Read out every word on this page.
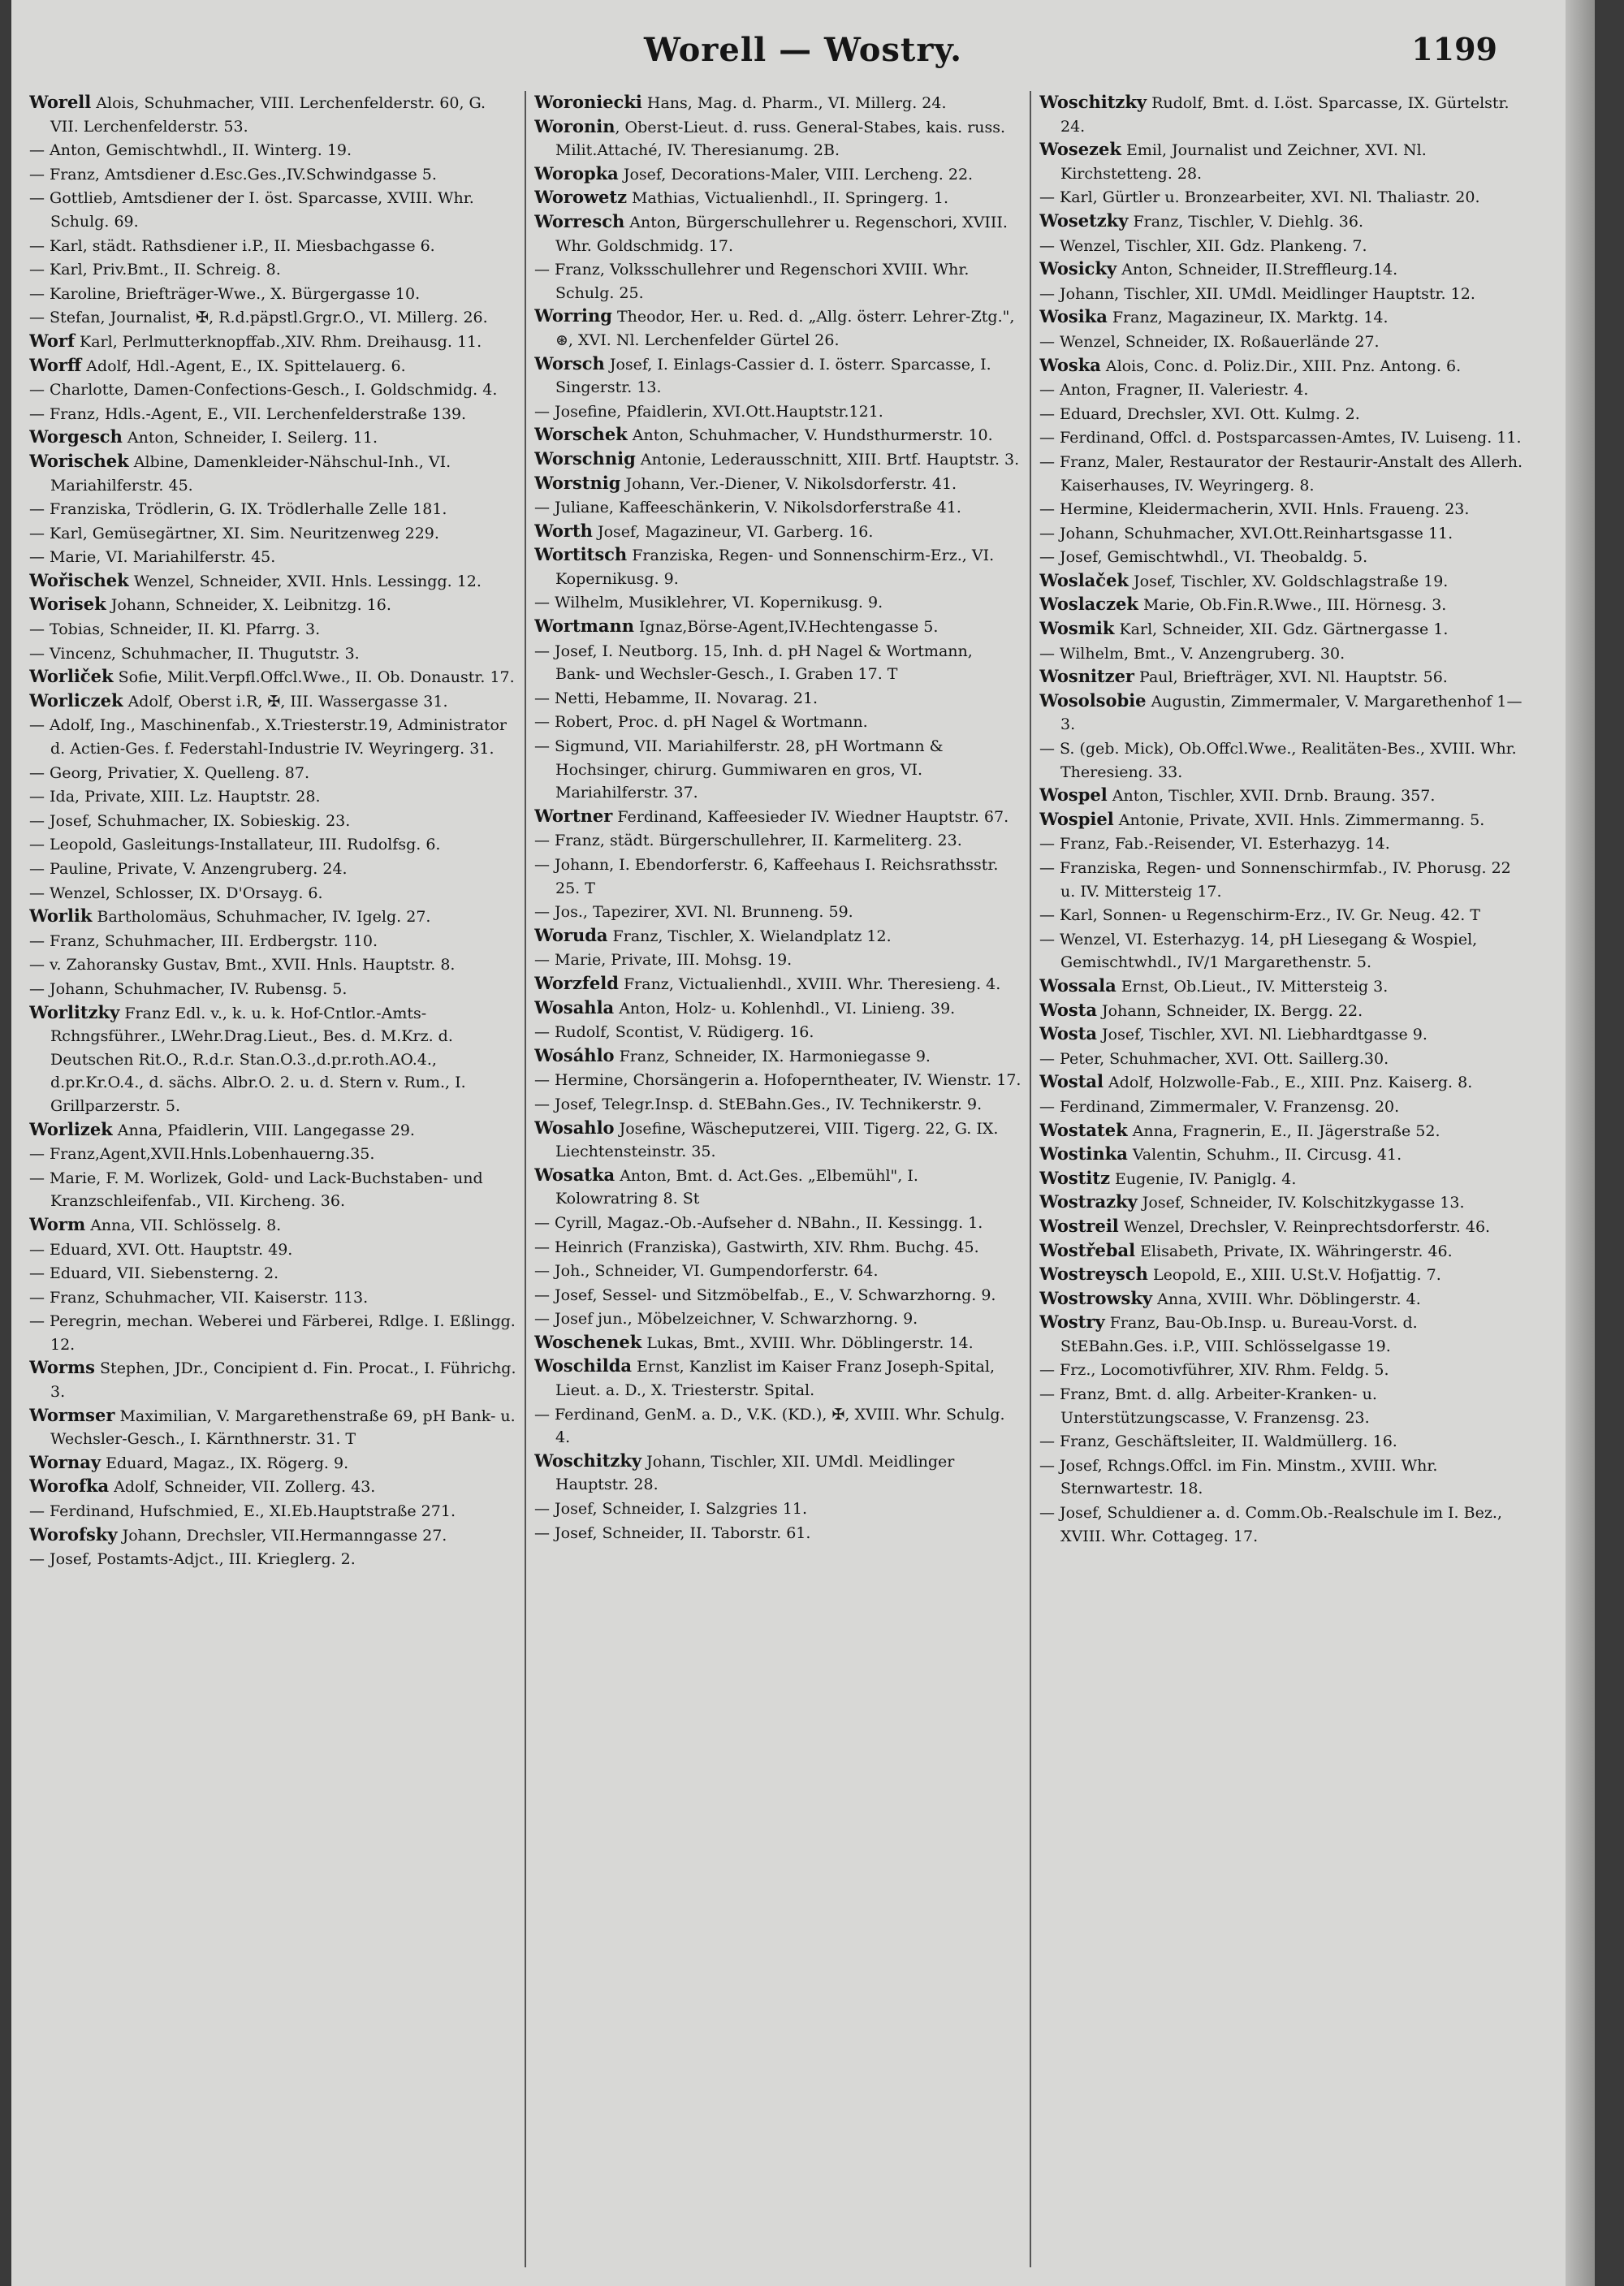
Worell — Wostry.	1199

Worell Alois, Schuhmacher, VIII. Lerchenfelderstr. 60, G. VII. Lerchenfelderstr. 53.

— Anton, Gemischtwhdl., II. Winterg. 19.

— Franz, Amtsdiener d.Esc.Ges.,IV.Schwindgasse 5.

— Gottlieb, Amtsdiener der I. öst. Sparcasse, XVIII. Whr. Schulg. 69.

— Karl, städt. Rathsdiener i.P., II. Miesbachgasse 6.

— Karl, Priv.Bmt., II. Schreig. 8.

— Karoline, Briefträger-Wwe., X. Bürgergasse 10.

— Stefan, Journalist, ✠, R.d.päpstl.Grgr.O., VI. Millerg. 26.

Worf Karl, Perlmutterknopffab.,XIV. Rhm. Dreihausg. 11.

Worff Adolf, Hdl.-Agent, E., IX. Spittelauerg. 6.

— Charlotte, Damen-Confections-Gesch., I. Goldschmidg. 4.

— Franz, Hdls.-Agent, E., VII. Lerchenfelderstraße 139.

Worgesch Anton, Schneider, I. Seilerg. 11.

Worischek Albine, Damenkleider-Nähschul-Inh., VI. Mariahilferstr. 45.

— Franziska, Trödlerin, G. IX. Trödlerhalle Zelle 181.

— Karl, Gemüsegärtner, XI. Sim. Neuritzenweg 229.

— Marie, VI. Mariahilferstr. 45.

Wořischek Wenzel, Schneider, XVII. Hnls. Lessingg. 12.

Worisek Johann, Schneider, X. Leibnitzg. 16.

— Tobias, Schneider, II. Kl. Pfarrg. 3.

— Vincenz, Schuhmacher, II. Thugutstr. 3.

Worliček Sofie, Milit.Verpfl.Offcl.Wwe., II. Ob. Donaustr. 17.

Worliczek Adolf, Oberst i.R, ✠, III. Wassergasse 31.

— Adolf, Ing., Maschinenfab., X.Triesterstr.19, Administrator d. Actien-Ges. f. Federstahl-Industrie IV. Weyringerg. 31.

— Georg, Privatier, X. Quelleng. 87.

— Ida, Private, XIII. Lz. Hauptstr. 28.

— Josef, Schuhmacher, IX. Sobieskig. 23.

— Leopold, Gasleitungs-Installateur, III. Rudolfsg. 6.

— Pauline, Private, V. Anzengruberg. 24.

— Wenzel, Schlosser, IX. D'Orsayg. 6.

Worlik Bartholomäus, Schuhmacher, IV. Igelg. 27.

— Franz, Schuhmacher, III. Erdbergstr. 110.

— v. Zahoransky Gustav, Bmt., XVII. Hnls. Hauptstr. 8.

— Johann, Schuhmacher, IV. Rubensg. 5.

Worlitzky Franz Edl. v., k. u. k. Hof-Cntlor.-Amts-Rchngsführer., LWehr.Drag.Lieut., Bes. d. M.Krz. d. Deutschen Rit.O., R.d.r. Stan.O.3.,d.pr.roth.AO.4., d.pr.Kr.O.4., d. sächs. Albr.O. 2. u. d. Stern v. Rum., I. Grillparzerstr. 5.

Worlizek Anna, Pfaidlerin, VIII. Langegasse 29.

— Franz,Agent,XVII.Hnls.Lobenhauerng.35.

— Marie, F. M. Worlizek, Gold- und Lack-Buchstaben- und Kranzschleifenfab., VII. Kircheng. 36.

Worm Anna, VII. Schlösselg. 8.

— Eduard, XVI. Ott. Hauptstr. 49.

— Eduard, VII. Siebensterng. 2.

— Franz, Schuhmacher, VII. Kaiserstr. 113.

— Peregrin, mechan. Weberei und Färberei, Rdlge. I. Eßlingg. 12.

Worms Stephen, JDr., Concipient d. Fin. Procat., I. Führichg. 3.

Wormser Maximilian, V. Margarethenstraße 69, pH Bank- u. Wechsler-Gesch., I. Kärnthnerstr. 31. T

Wornay Eduard, Magaz., IX. Rögerg. 9.

Worofka Adolf, Schneider, VII. Zollerg. 43.

— Ferdinand, Hufschmied, E., XI.Eb.Hauptstraße 271.

Worofsky Johann, Drechsler, VII.Hermanngasse 27.

— Josef, Postamts-Adjct., III. Krieglerg. 2.

Woroniecki Hans, Mag. d. Pharm., VI. Millerg. 24.

Woronin, Oberst-Lieut. d. russ. General-Stabes, kais. russ. Milit.Attaché, IV. Theresianumg. 2B.

Woropka Josef, Decorations-Maler, VIII. Lercheng. 22.

Worowetz Mathias, Victualienhdl., II. Springerg. 1.

Worresch Anton, Bürgerschullehrer u. Regenschori, XVIII. Whr. Goldschmidg. 17.

— Franz, Volksschullehrer und Regenschori XVIII. Whr. Schulg. 25.

Worring Theodor, Her. u. Red. d. „Allg. österr. Lehrer-Ztg.", ⊛, XVI. Nl. Lerchenfelder Gürtel 26.

Worsch Josef, I. Einlags-Cassier d. I. österr. Sparcasse, I. Singerstr. 13.

— Josefine, Pfaidlerin, XVI.Ott.Hauptstr.121.

Worschek Anton, Schuhmacher, V. Hundsthurmerstr. 10.

Worschnig Antonie, Lederausschnitt, XIII. Brtf. Hauptstr. 3.

Worstnig Johann, Ver.-Diener, V. Nikolsdorferstr. 41.

— Juliane, Kaffeeschänkerin, V. Nikolsdorferstraße 41.

Worth Josef, Magazineur, VI. Garberg. 16.

Wortitsch Franziska, Regen- und Sonnenschirm-Erz., VI. Kopernikusg. 9.

— Wilhelm, Musiklehrer, VI. Kopernikusg. 9.

Wortmann Ignaz,Börse-Agent,IV.Hechtengasse 5.

— Josef, I. Neutborg. 15, Inh. d. pH Nagel & Wortmann, Bank- und Wechsler-Gesch., I. Graben 17. T

— Netti, Hebamme, II. Novarag. 21.

— Robert, Proc. d. pH Nagel & Wortmann.

— Sigmund, VII. Mariahilferstr. 28, pH Wortmann & Hochsinger, chirurg. Gummiwaren en gros, VI. Mariahilferstr. 37.

Wortner Ferdinand, Kaffeesieder IV. Wiedner Hauptstr. 67.

— Franz, städt. Bürgerschullehrer, II. Karmeliterg. 23.

— Johann, I. Ebendorferstr. 6, Kaffeehaus I. Reichsrathsstr. 25. T

— Jos., Tapezirer, XVI. Nl. Brunneng. 59.

Woruda Franz, Tischler, X. Wielandplatz 12.

— Marie, Private, III. Mohsg. 19.

Worzfeld Franz, Victualienhdl., XVIII. Whr. Theresieng. 4.

Wosahla Anton, Holz- u. Kohlenhdl., VI. Linieng. 39.

— Rudolf, Scontist, V. Rüdigerg. 16.

Wosáhlo Franz, Schneider, IX. Harmoniegasse 9.

— Hermine, Chorsängerin a. Hofoperntheater, IV. Wienstr. 17.

— Josef, Telegr.Insp. d. StEBahn.Ges., IV. Technikerstr. 9.

Wosahlo Josefine, Wäscheputzerei, VIII. Tigerg. 22, G. IX. Liechtensteinstr. 35.

Wosatka Anton, Bmt. d. Act.Ges. „Elbemühl", I. Kolowratring 8. St

— Cyrill, Magaz.-Ob.-Aufseher d. NBahn., II. Kessingg. 1.

— Heinrich (Franziska), Gastwirth, XIV. Rhm. Buchg. 45.

— Joh., Schneider, VI. Gumpendorferstr. 64.

— Josef, Sessel- und Sitzmöbelfab., E., V. Schwarzhorng. 9.

— Josef jun., Möbelzeichner, V. Schwarzhorng. 9.

Woschenek Lukas, Bmt., XVIII. Whr. Döblingerstr. 14.

Woschilda Ernst, Kanzlist im Kaiser Franz Joseph-Spital, Lieut. a. D., X. Triesterstr. Spital.

— Ferdinand, GenM. a. D., V.K. (KD.), ✠, XVIII. Whr. Schulg. 4.

Woschitzky Johann, Tischler, XII. UMdl. Meidlinger Hauptstr. 28.

— Josef, Schneider, I. Salzgries 11.

— Josef, Schneider, II. Taborstr. 61.

Woschitzky Rudolf, Bmt. d. I.öst. Sparcasse, IX. Gürtelstr. 24.

Wosezek Emil, Journalist und Zeichner, XVI. Nl. Kirchstetteng. 28.

— Karl, Gürtler u. Bronzearbeiter, XVI. Nl. Thaliastr. 20.

Wosetzky Franz, Tischler, V. Diehlg. 36.

— Wenzel, Tischler, XII. Gdz. Plankeng. 7.

Wosicky Anton, Schneider, II.Streffleurg.14.

— Johann, Tischler, XII. UMdl. Meidlinger Hauptstr. 12.

Wosika Franz, Magazineur, IX. Marktg. 14.

— Wenzel, Schneider, IX. Roßauerlände 27.

Woska Alois, Conc. d. Poliz.Dir., XIII. Pnz. Antong. 6.

— Anton, Fragner, II. Valeriestr. 4.

— Eduard, Drechsler, XVI. Ott. Kulmg. 2.

— Ferdinand, Offcl. d. Postsparcassen-Amtes, IV. Luiseng. 11.

— Franz, Maler, Restaurator der Restaurir-Anstalt des Allerh. Kaiserhauses, IV. Weyringerg. 8.

— Hermine, Kleidermacherin, XVII. Hnls. Fraueng. 23.

— Johann, Schuhmacher, XVI.Ott.Reinhartsgasse 11.

— Josef, Gemischtwhdl., VI. Theobaldg. 5.

Woslaček Josef, Tischler, XV. Goldschlagstraße 19.

Woslaczek Marie, Ob.Fin.R.Wwe., III. Hörnesg. 3.

Wosmik Karl, Schneider, XII. Gdz. Gärtnergasse 1.

— Wilhelm, Bmt., V. Anzengruberg. 30.

Wosnitzer Paul, Briefträger, XVI. Nl. Hauptstr. 56.

Wosolsobie Augustin, Zimmermaler, V. Margarethenhof 1—3.

— S. (geb. Mick), Ob.Offcl.Wwe., Realitäten-Bes., XVIII. Whr. Theresieng. 33.

Wospel Anton, Tischler, XVII. Drnb. Braung. 357.

Wospiel Antonie, Private, XVII. Hnls. Zimmermanng. 5.

— Franz, Fab.-Reisender, VI. Esterhazyg. 14.

— Franziska, Regen- und Sonnenschirmfab., IV. Phorusg. 22 u. IV. Mittersteig 17.

— Karl, Sonnen- u Regenschirm-Erz., IV. Gr. Neug. 42. T

— Wenzel, VI. Esterhazyg. 14, pH Liesegang & Wospiel, Gemischtwhdl., IV/1 Margarethenstr. 5.

Wossala Ernst, Ob.Lieut., IV. Mittersteig 3.

Wosta Johann, Schneider, IX. Bergg. 22.

Wosta Josef, Tischler, XVI. Nl. Liebhardtgasse 9.

— Peter, Schuhmacher, XVI. Ott. Saillerg.30.

Wostal Adolf, Holzwolle-Fab., E., XIII. Pnz. Kaiserg. 8.

— Ferdinand, Zimmermaler, V. Franzensg. 20.

Wostatek Anna, Fragnerin, E., II. Jägerstraße 52.

Wostinka Valentin, Schuhm., II. Circusg. 41.

Wostitz Eugenie, IV. Paniglg. 4.

Wostrazky Josef, Schneider, IV. Kolschitzkygasse 13.

Wostreil Wenzel, Drechsler, V. Reinprechtsdorferstr. 46.

Wostřebal Elisabeth, Private, IX. Währingerstr. 46.

Wostreysch Leopold, E., XIII. U.St.V. Hofjattig. 7.

Wostrowsky Anna, XVIII. Whr. Döblingerstr. 4.

Wostry Franz, Bau-Ob.Insp. u. Bureau-Vorst. d. StEBahn.Ges. i.P., VIII. Schlösselgasse 19.

— Frz., Locomotivführer, XIV. Rhm. Feldg. 5.

— Franz, Bmt. d. allg. Arbeiter-Kranken- u. Unterstützungscasse, V. Franzensg. 23.

— Franz, Geschäftsleiter, II. Waldmüllerg. 16.

— Josef, Rchngs.Offcl. im Fin. Minstm., XVIII. Whr. Sternwartestr. 18.

— Josef, Schuldiener a. d. Comm.Ob.-Realschule im I. Bez., XVIII. Whr. Cottageg. 17.
